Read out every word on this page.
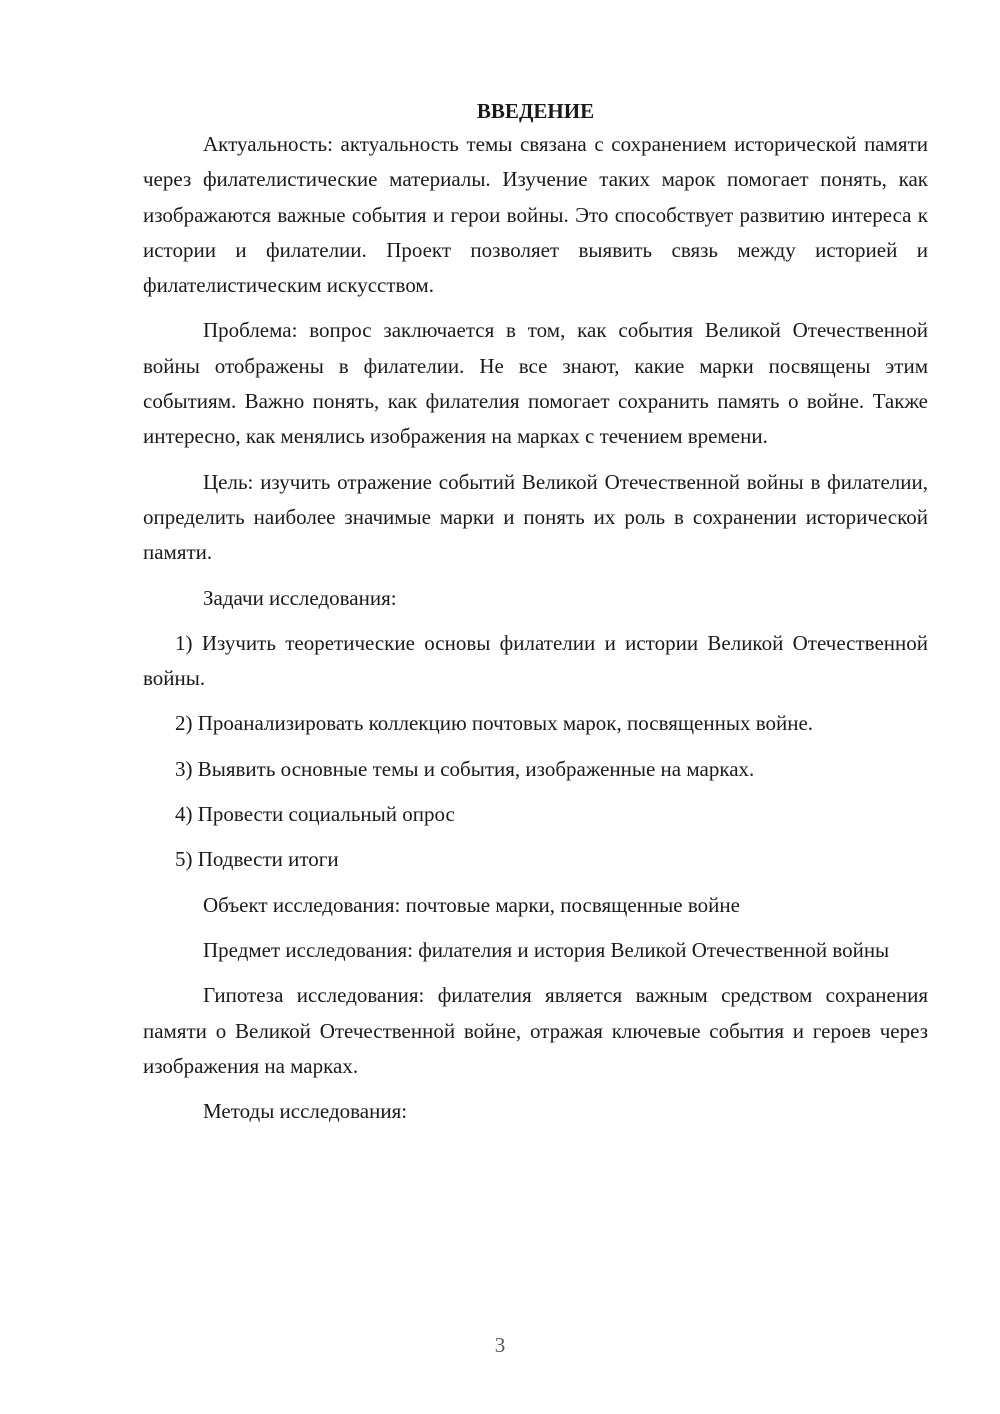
ВВЕДЕНИЕ

Актуальность: актуальность темы связана с сохранением исторической памяти через филателистические материалы. Изучение таких марок помогает понять, как изображаются важные события и герои войны. Это способствует развитию интереса к истории и филателии. Проект позволяет выявить связь между историей и филателистическим искусством.

Проблема: вопрос заключается в том, как события Великой Отечественной войны отображены в филателии. Не все знают, какие марки посвящены этим событиям. Важно понять, как филателия помогает сохранить память о войне. Также интересно, как менялись изображения на марках с течением времени.

Цель: изучить отражение событий Великой Отечественной войны в филателии, определить наиболее значимые марки и понять их роль в сохранении исторической памяти.

Задачи исследования:

1) Изучить теоретические основы филателии и истории Великой Отечественной войны.

2) Проанализировать коллекцию почтовых марок, посвященных войне.

3) Выявить основные темы и события, изображенные на марках.

4) Провести социальный опрос

5) Подвести итоги

Объект исследования: почтовые марки, посвященные войне

Предмет исследования: филателия и история Великой Отечественной войны

Гипотеза исследования: филателия является важным средством сохранения памяти о Великой Отечественной войне, отражая ключевые события и героев через изображения на марках.

Методы исследования:

3
